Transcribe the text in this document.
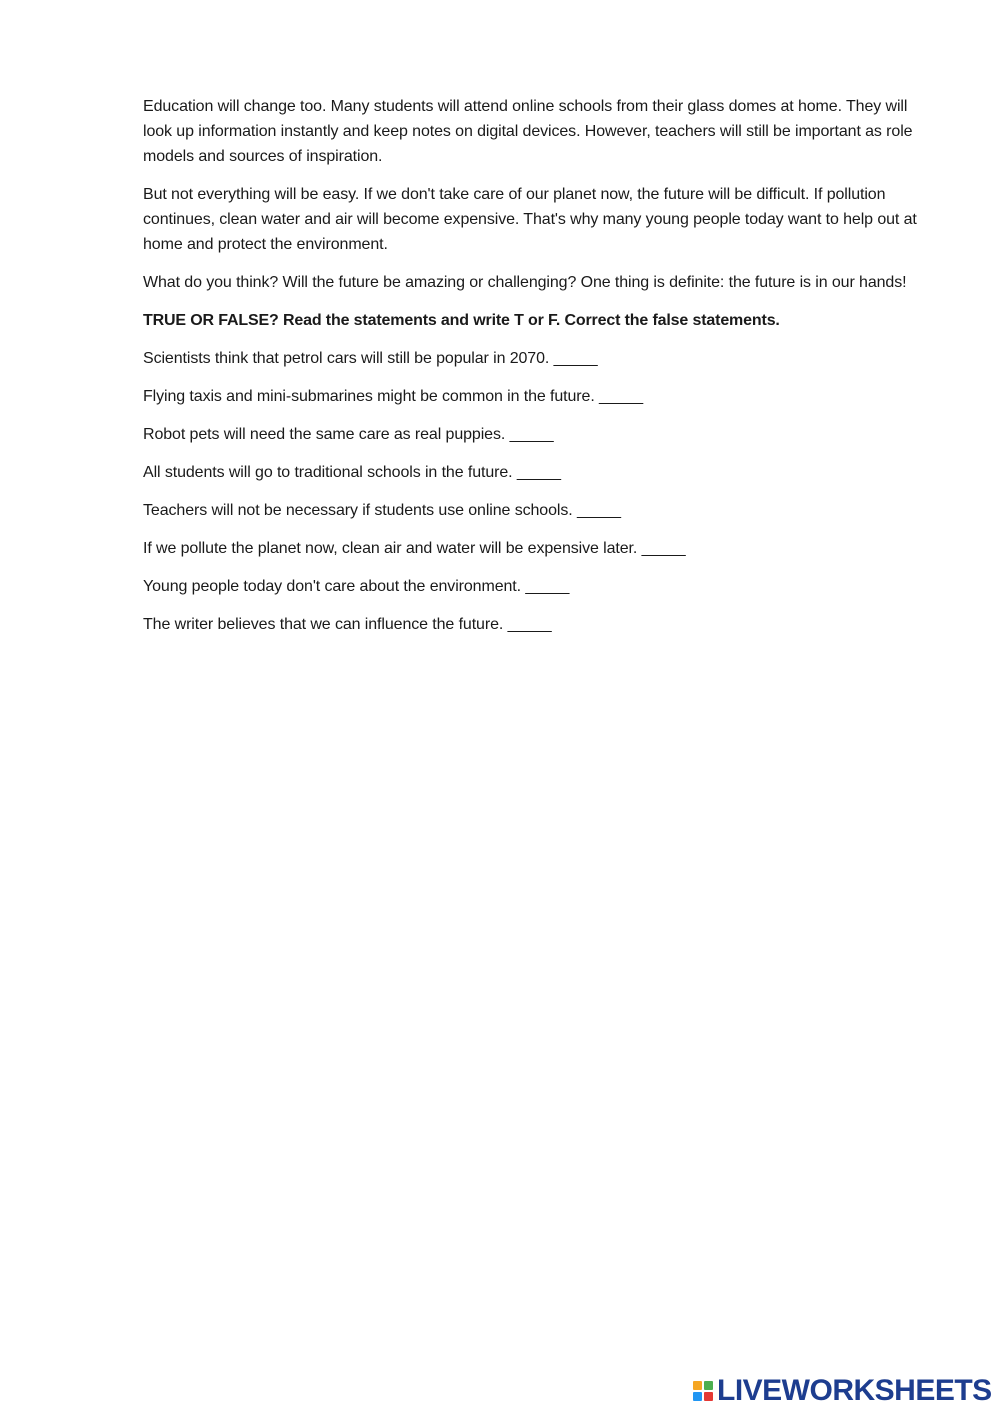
Education will change too. Many students will attend online schools from their glass domes at home. They will look up information instantly and keep notes on digital devices. However, teachers will still be important as role models and sources of inspiration.

But not everything will be easy. If we don't take care of our planet now, the future will be difficult. If pollution continues, clean water and air will become expensive. That's why many young people today want to help out at home and protect the environment.

What do you think? Will the future be amazing or challenging? One thing is definite: the future is in our hands!

TRUE OR FALSE? Read the statements and write T or F. Correct the false statements.

Scientists think that petrol cars will still be popular in 2070. _____

Flying taxis and mini-submarines might be common in the future. _____

Robot pets will need the same care as real puppies. _____

All students will go to traditional schools in the future. _____

Teachers will not be necessary if students use online schools. _____

If we pollute the planet now, clean air and water will be expensive later. _____

Young people today don't care about the environment. _____

The writer believes that we can influence the future. _____

LIVEWORKSHEETS
